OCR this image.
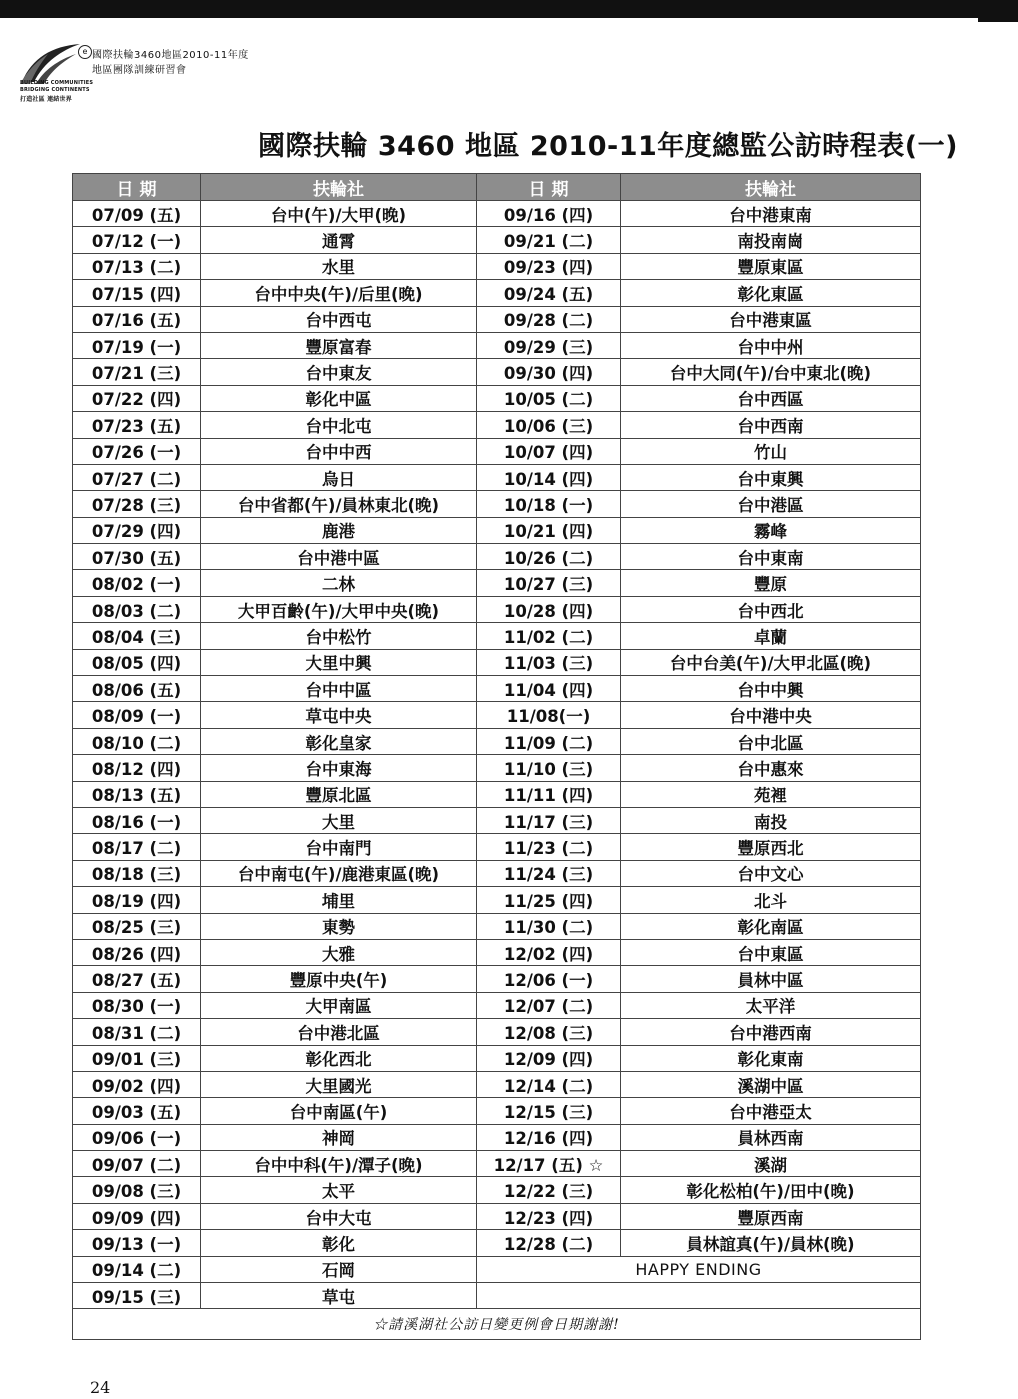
e 國際扶輪3460地區2010-11年度
地區團隊訓練研習會
BUILDING COMMUNITIES
BRIDGING CONTINENTS
打造社區 連結世界
國際扶輪 3460 地區 2010-11年度總監公訪時程表(一)
日 期	扶輪社	日 期	扶輪社
07/09 (五)	台中(午)/大甲(晚)	09/16 (四)	台中港東南
07/12 (一)	通霄	09/21 (二)	南投南崗
07/13 (二)	水里	09/23 (四)	豐原東區
07/15 (四)	台中中央(午)/后里(晚)	09/24 (五)	彰化東區
07/16 (五)	台中西屯	09/28 (二)	台中港東區
07/19 (一)	豐原富春	09/29 (三)	台中中州
07/21 (三)	台中東友	09/30 (四)	台中大同(午)/台中東北(晚)
07/22 (四)	彰化中區	10/05 (二)	台中西區
07/23 (五)	台中北屯	10/06 (三)	台中西南
07/26 (一)	台中中西	10/07 (四)	竹山
07/27 (二)	烏日	10/14 (四)	台中東興
07/28 (三)	台中省都(午)/員林東北(晚)	10/18 (一)	台中港區
07/29 (四)	鹿港	10/21 (四)	霧峰
07/30 (五)	台中港中區	10/26 (二)	台中東南
08/02 (一)	二林	10/27 (三)	豐原
08/03 (二)	大甲百齡(午)/大甲中央(晚)	10/28 (四)	台中西北
08/04 (三)	台中松竹	11/02 (二)	卓蘭
08/05 (四)	大里中興	11/03 (三)	台中台美(午)/大甲北區(晚)
08/06 (五)	台中中區	11/04 (四)	台中中興
08/09 (一)	草屯中央	11/08(一)	台中港中央
08/10 (二)	彰化皇家	11/09 (二)	台中北區
08/12 (四)	台中東海	11/10 (三)	台中惠來
08/13 (五)	豐原北區	11/11 (四)	苑裡
08/16 (一)	大里	11/17 (三)	南投
08/17 (二)	台中南門	11/23 (二)	豐原西北
08/18 (三)	台中南屯(午)/鹿港東區(晚)	11/24 (三)	台中文心
08/19 (四)	埔里	11/25 (四)	北斗
08/25 (三)	東勢	11/30 (二)	彰化南區
08/26 (四)	大雅	12/02 (四)	台中東區
08/27 (五)	豐原中央(午)	12/06 (一)	員林中區
08/30 (一)	大甲南區	12/07 (二)	太平洋
08/31 (二)	台中港北區	12/08 (三)	台中港西南
09/01 (三)	彰化西北	12/09 (四)	彰化東南
09/02 (四)	大里國光	12/14 (二)	溪湖中區
09/03 (五)	台中南區(午)	12/15 (三)	台中港亞太
09/06 (一)	神岡	12/16 (四)	員林西南
09/07 (二)	台中中科(午)/潭子(晚)	12/17 (五) ☆	溪湖
09/08 (三)	太平	12/22 (三)	彰化松柏(午)/田中(晚)
09/09 (四)	台中大屯	12/23 (四)	豐原西南
09/13 (一)	彰化	12/28 (二)	員林誼真(午)/員林(晚)
09/14 (二)	石岡	HAPPY ENDING	
09/15 (三)	草屯		
☆請溪湖社公訪日變更例會日期謝謝!			
24
